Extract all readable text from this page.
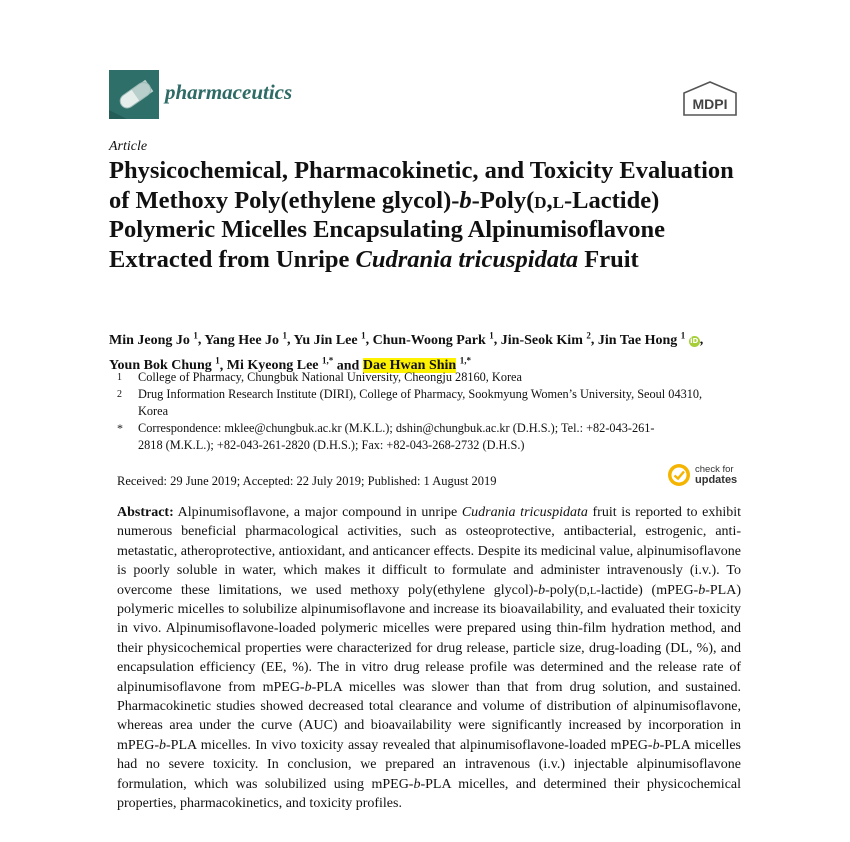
pharmaceutics	MDPI
Article
Physicochemical, Pharmacokinetic, and Toxicity Evaluation of Methoxy Poly(ethylene glycol)-b-Poly(d,l-Lactide) Polymeric Micelles Encapsulating Alpinumisoflavone Extracted from Unripe Cudrania tricuspidata Fruit
Min Jeong Jo $^1$, Yang Hee Jo $^1$, Yu Jin Lee $^1$, Chun-Woong Park $^1$, Jin-Seok Kim $^2$, Jin Tae Hong $^1$ iD,
Youn Bok Chung $^1$, Mi Kyeong Lee $^{1,*}$ and Dae Hwan Shin $^{1,*}$
1 College of Pharmacy, Chungbuk National University, Cheongju 28160, Korea
2 Drug Information Research Institute (DIRI), College of Pharmacy, Sookmyung Women’s University, Seoul 04310, Korea
* Correspondence: mklee@chungbuk.ac.kr (M.K.L.); dshin@chungbuk.ac.kr (D.H.S.); Tel.: +82-043-261-2818 (M.K.L.); +82-043-261-2820 (D.H.S.); Fax: +82-043-268-2732 (D.H.S.)
Received: 29 June 2019; Accepted: 22 July 2019; Published: 1 August 2019
check for
updates

Abstract: Alpinumisoflavone, a major compound in unripe Cudrania tricuspidata fruit is reported to exhibit numerous beneficial pharmacological activities, such as osteoprotective, antibacterial, estrogenic, anti-metastatic, atheroprotective, antioxidant, and anticancer effects. Despite its medicinal value, alpinumisoflavone is poorly soluble in water, which makes it difficult to formulate and administer intravenously (i.v.). To overcome these limitations, we used methoxy poly(ethylene glycol)-b-poly(d,l-lactide) (mPEG-b-PLA) polymeric micelles to solubilize alpinumisoflavone and increase its bioavailability, and evaluated their toxicity in vivo. Alpinumisoflavone-loaded polymeric micelles were prepared using thin-film hydration method, and their physicochemical properties were characterized for drug release, particle size, drug-loading (DL, %), and encapsulation efficiency (EE, %). The in vitro drug release profile was determined and the release rate of alpinumisoflavone from mPEG-b-PLA micelles was slower than that from drug solution, and sustained. Pharmacokinetic studies showed decreased total clearance and volume of distribution of alpinumisoflavone, whereas area under the curve (AUC) and bioavailability were significantly increased by incorporation in mPEG-b-PLA micelles. In vivo toxicity assay revealed that alpinumisoflavone-loaded mPEG-b-PLA micelles had no severe toxicity. In conclusion, we prepared an intravenous (i.v.) injectable alpinumisoflavone formulation, which was solubilized using mPEG-b-PLA micelles, and determined their physicochemical properties, pharmacokinetics, and toxicity profiles.
